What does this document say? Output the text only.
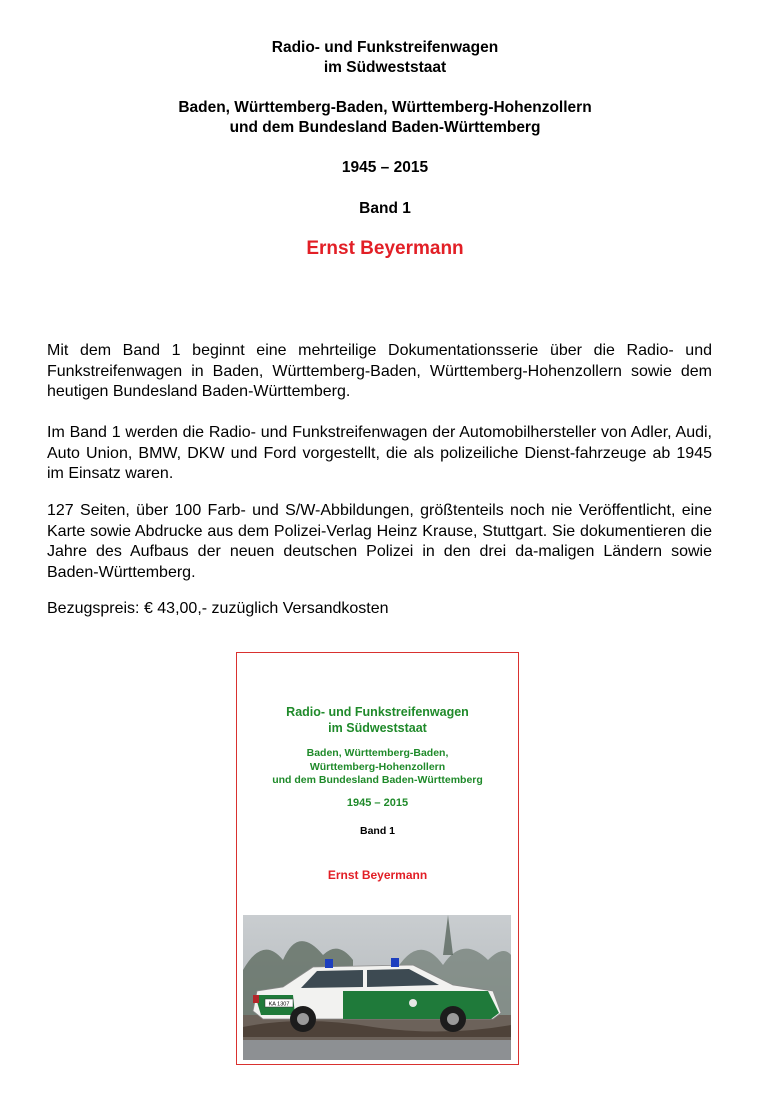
Radio- und Funkstreifenwagen
im Südweststaat
Baden, Württemberg-Baden, Württemberg-Hohenzollern
und dem Bundesland Baden-Württemberg
1945 – 2015
Band 1
Ernst Beyermann
Mit dem Band 1 beginnt eine mehrteilige Dokumentationsserie über die Radio- und Funkstreifenwagen in Baden, Württemberg-Baden, Württemberg-Hohenzollern sowie dem heutigen Bundesland Baden-Württemberg.
Im Band 1 werden die Radio- und Funkstreifenwagen der Automobilhersteller von Adler, Audi, Auto Union, BMW, DKW und Ford vorgestellt, die als polizeiliche Dienst-fahrzeuge ab 1945 im Einsatz waren.
127 Seiten, über 100 Farb- und S/W-Abbildungen, größtenteils noch nie Veröffentlicht, eine Karte sowie Abdrucke aus dem Polizei-Verlag Heinz Krause, Stuttgart. Sie dokumentieren die Jahre des Aufbaus der neuen deutschen Polizei in den drei da-maligen Ländern sowie Baden-Württemberg.
Bezugspreis: € 43,00,- zuzüglich Versandkosten
Radio- und Funkstreifenwagen
im Südweststaat
Baden, Württemberg-Baden,
Württemberg-Hohenzollern
und dem Bundesland Baden-Württemberg
1945 – 2015
Band 1
Ernst Beyermann
KA 1307
